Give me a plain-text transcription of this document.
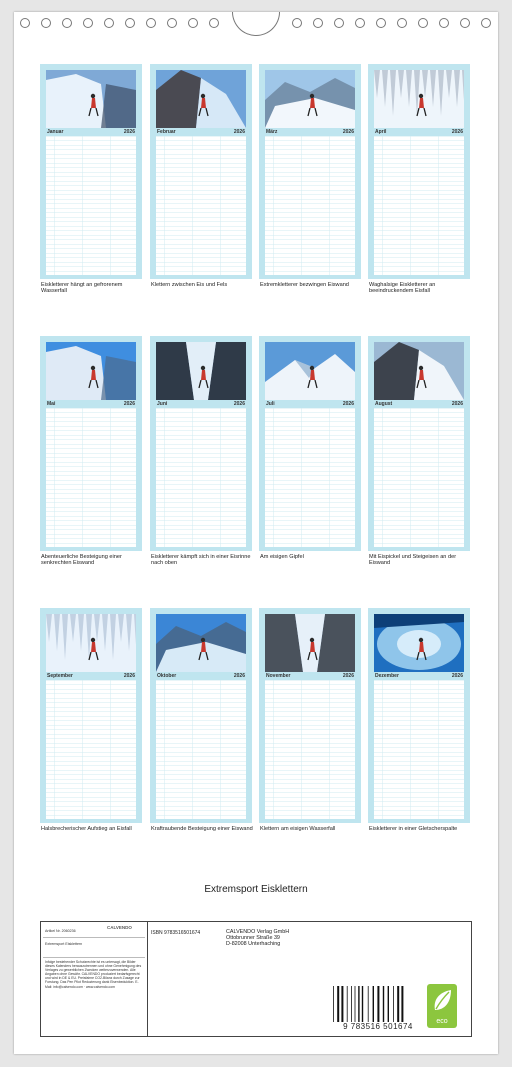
Januar	2026
Eiskletterer hängt an gefrorenem Wasserfall
Februar	2026
Klettern zwischen Eis und Fels
März	2026
Extremkletterer bezwingen Eiswand
April	2026
Waghalsige Eiskletterer an beeindruckendem Eisfall
Mai	2026
Abenteuerliche Besteigung einer senkrechten Eiswand
Juni	2026
Eiskletterer kämpft sich in einer Eisrinne nach oben
Juli	2026
Am eisigen Gipfel
August	2026
Mit Eispickel und Steigeisen an der Eiswand
September	2026
Halsbrecherischer Aufstieg an Eisfall
Oktober	2026
Kraftraubende Besteigung einer Eiswand
November	2026
Klettern am eisigen Wasserfall
Dezember	2026
Eiskletterer in einer Gletscherspalte
Extremsport Eisklettern
Artikel Nr. 2060236
CALVENDO
Extremsport Eisklettern
Infolge bestehender Schutzrechte ist es untersagt, die Bilder dieses Kalenders herauszutrennen und ohne Genehmigung des Verlages zu gewerblichen Zwecken weiterzuverwenden. Alle Angaben ohne Gewähr. CALVENDO produziert bedarfsgerecht und wird in DE & EU. Preisfairne CO2-Bilanz durch Zusage zur Forstung. Das Pen Pilot Reduzierung dank Eisenbeduktion. E-Mail: info@calvendo.com · www.calvendo.com
ISBN 9783516501674	CALVENDO Verlag GmbH
Ottobrunner Straße 39
D-82008 Unterhaching
9 783516 501674
eco
